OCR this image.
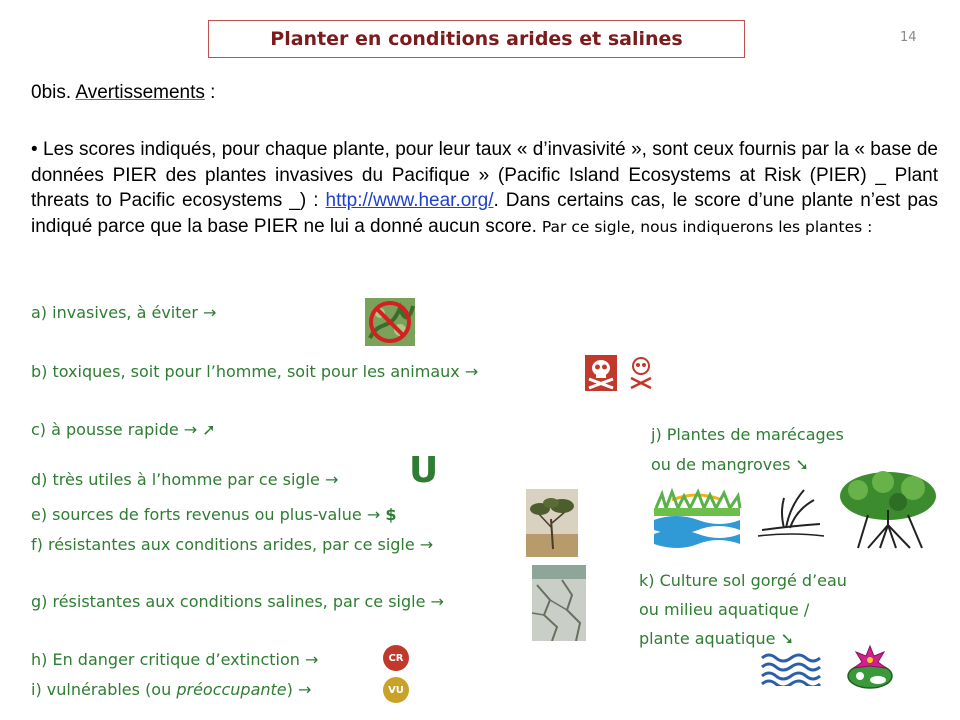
Planter en conditions arides et salines	14
0bis. Avertissements :
• Les scores indiqués, pour chaque plante, pour leur taux « d’invasivité », sont ceux fournis par la « base de données PIER des plantes invasives du Pacifique » (Pacific Island Ecosystems at Risk (PIER) _ Plant threats to Pacific ecosystems _) : http://www.hear.org/. Dans certains cas, le score d’une plante n’est pas indiqué parce que la base PIER ne lui a donné aucun score. Par ce sigle, nous indiquerons les plantes :
a) invasives, à éviter →
b) toxiques, soit pour l’homme, soit pour les animaux →
c) à pousse rapide → ➚
d) très utiles à l’homme par ce sigle → U
e) sources de forts revenus ou plus-value → $
f) résistantes aux conditions arides, par ce sigle →
g) résistantes aux conditions salines, par ce sigle →
h) En danger critique d’extinction →	CR
i) vulnérables (ou préoccupante) →	VU
j) Plantes de marécages
ou de mangroves ➘
k) Culture sol gorgé d’eau
ou milieu aquatique /
plante aquatique ➘
